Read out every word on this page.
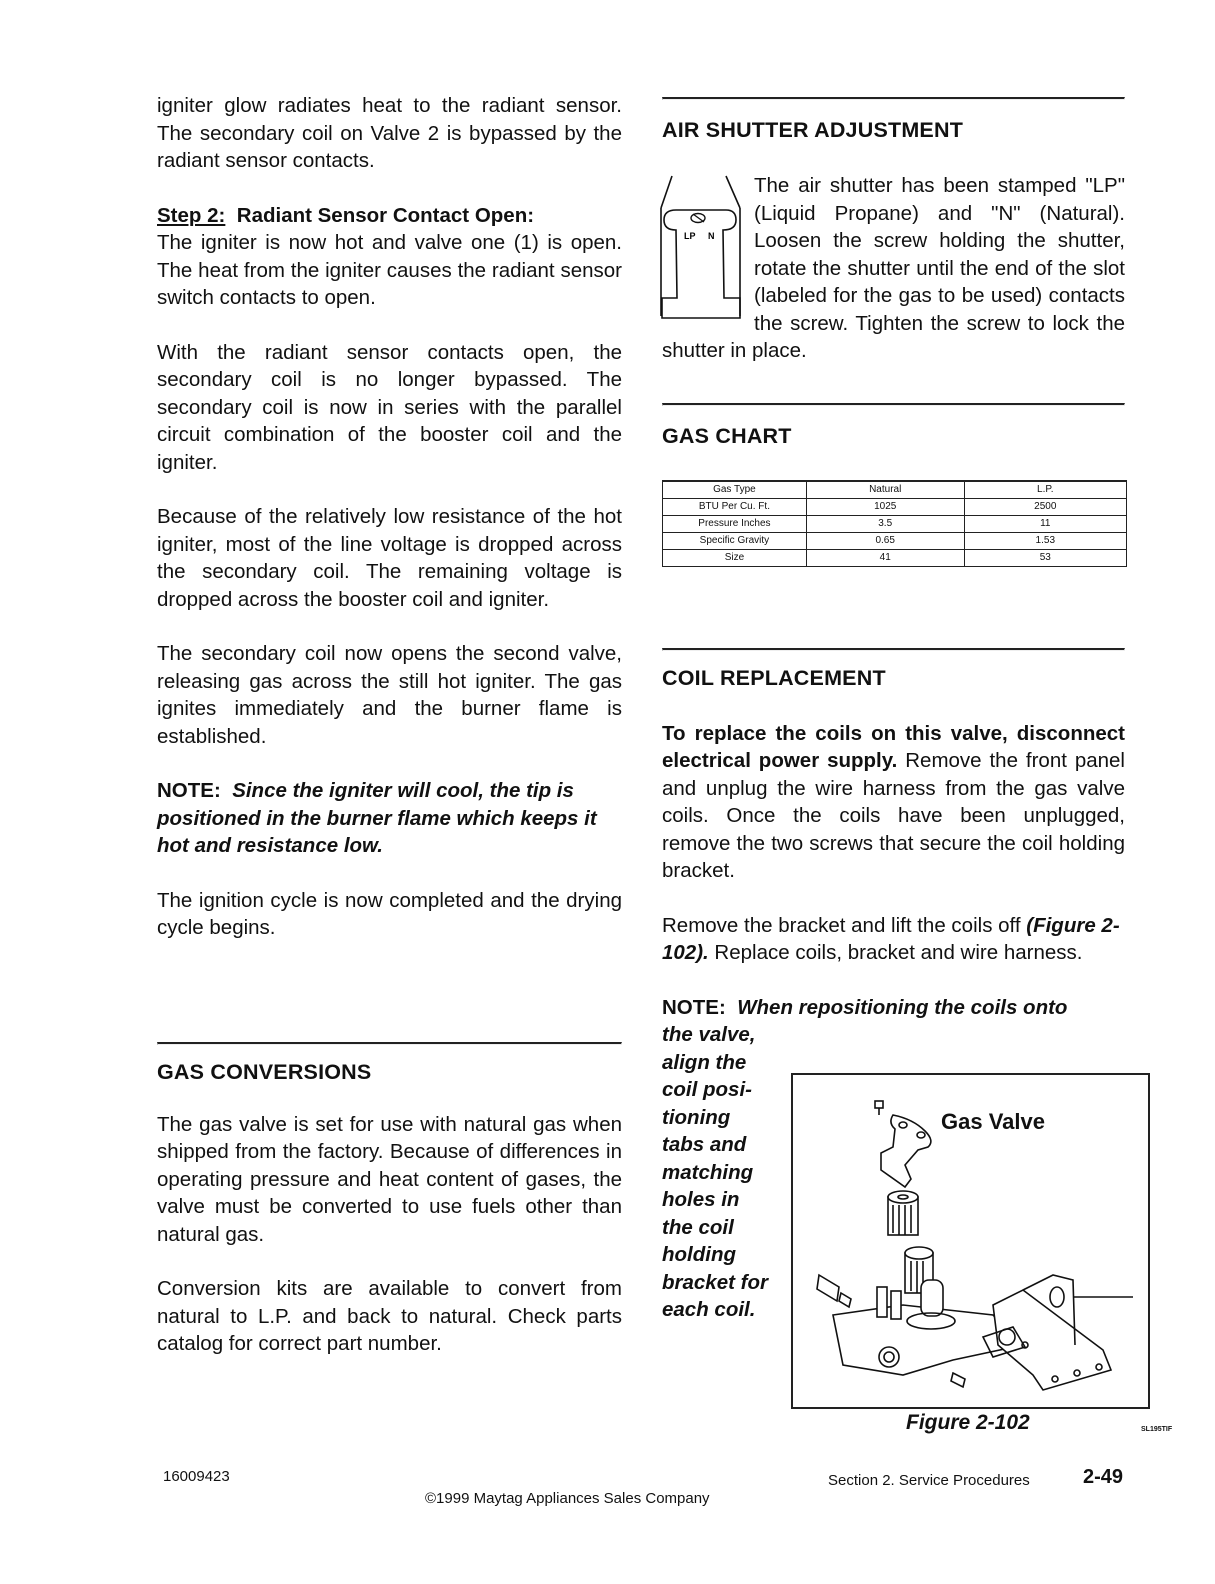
igniter glow radiates heat to the radiant sensor. The secondary coil on Valve 2 is bypassed by the radiant sensor contacts.

Step 2: Radiant Sensor Contact Open:

The igniter is now hot and valve one (1) is open. The heat from the igniter causes the radiant sensor switch contacts to open.

With the radiant sensor contacts open, the secondary coil is no longer bypassed. The secondary coil is now in series with the parallel circuit combination of the booster coil and the igniter.

Because of the relatively low resistance of the hot igniter, most of the line voltage is dropped across the secondary coil. The remaining voltage is dropped across the booster coil and igniter.

The secondary coil now opens the second valve, releasing gas across the still hot igniter. The gas ignites immediately and the burner flame is established.

NOTE: Since the igniter will cool, the tip is positioned in the burner flame which keeps it hot and resistance low.

The ignition cycle is now completed and the drying cycle begins.

GAS CONVERSIONS

The gas valve is set for use with natural gas when shipped from the factory. Because of differences in operating pressure and heat content of gases, the valve must be converted to use fuels other than natural gas.

Conversion kits are available to convert from natural to L.P. and back to natural. Check parts catalog for correct part number.

AIR SHUTTER ADJUSTMENT
LP N

The air shutter has been stamped "LP" (Liquid Propane) and "N" (Natural). Loosen the screw holding the shutter, rotate the shutter until the end of the slot (labeled for the gas to be used) contacts the screw. Tighten the screw to lock the shutter in place.

GAS CHART
Gas Type	Natural	L.P.
BTU Per Cu. Ft.	1025	2500
Pressure Inches	3.5	11
Specific Gravity	0.65	1.53
Size	41	53
COIL REPLACEMENT

To replace the coils on this valve, disconnect electrical power supply. Remove the front panel and unplug the wire harness from the gas valve coils. Once the coils have been unplugged, remove the two screws that secure the coil holding bracket.

Remove the bracket and lift the coils off (Figure 2-102). Replace coils, bracket and wire harness.

NOTE: When repositioning the coils onto

the valve,
align the
coil posi-
tioning
tabs and
matching
holes in
the coil
holding
bracket for
each coil.
Gas Valve
Figure 2-102	SL195TIF
16009423
©1999 Maytag Appliances Sales Company
Section 2. Service Procedures	2-49
